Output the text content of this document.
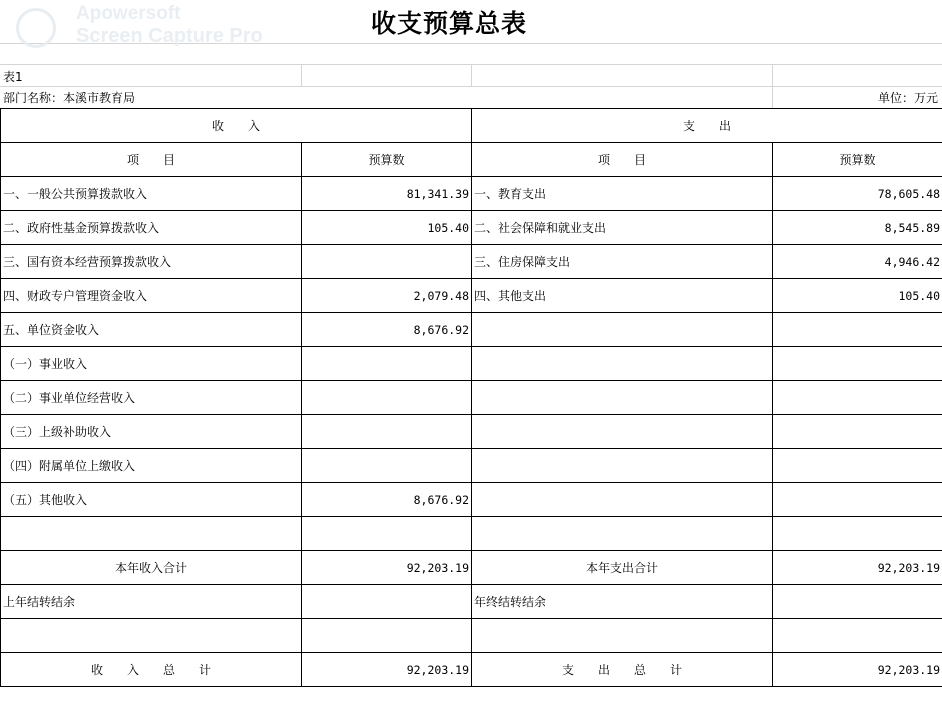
Apowersoft
Screen Capture Pro	收支预算总表
表1
部门名称：本溪市教育局	单位：万元
收　　入		支　　出	
项　　目	预算数	项　　目	预算数
一、一般公共预算拨款收入	81,341.39	一、教育支出	78,605.48
二、政府性基金预算拨款收入	105.40	二、社会保障和就业支出	8,545.89
三、国有资本经营预算拨款收入		三、住房保障支出	4,946.42
四、财政专户管理资金收入	2,079.48	四、其他支出	105.40
五、单位资金收入	8,676.92		
（一）事业收入			
（二）事业单位经营收入			
（三）上级补助收入			
（四）附属单位上缴收入			
（五）其他收入	8,676.92		

本年收入合计	92,203.19	本年支出合计	92,203.19
上年结转结余		年终结转结余	

收　　入　　总　　计	92,203.19	支　　出　　总　　计	92,203.19
